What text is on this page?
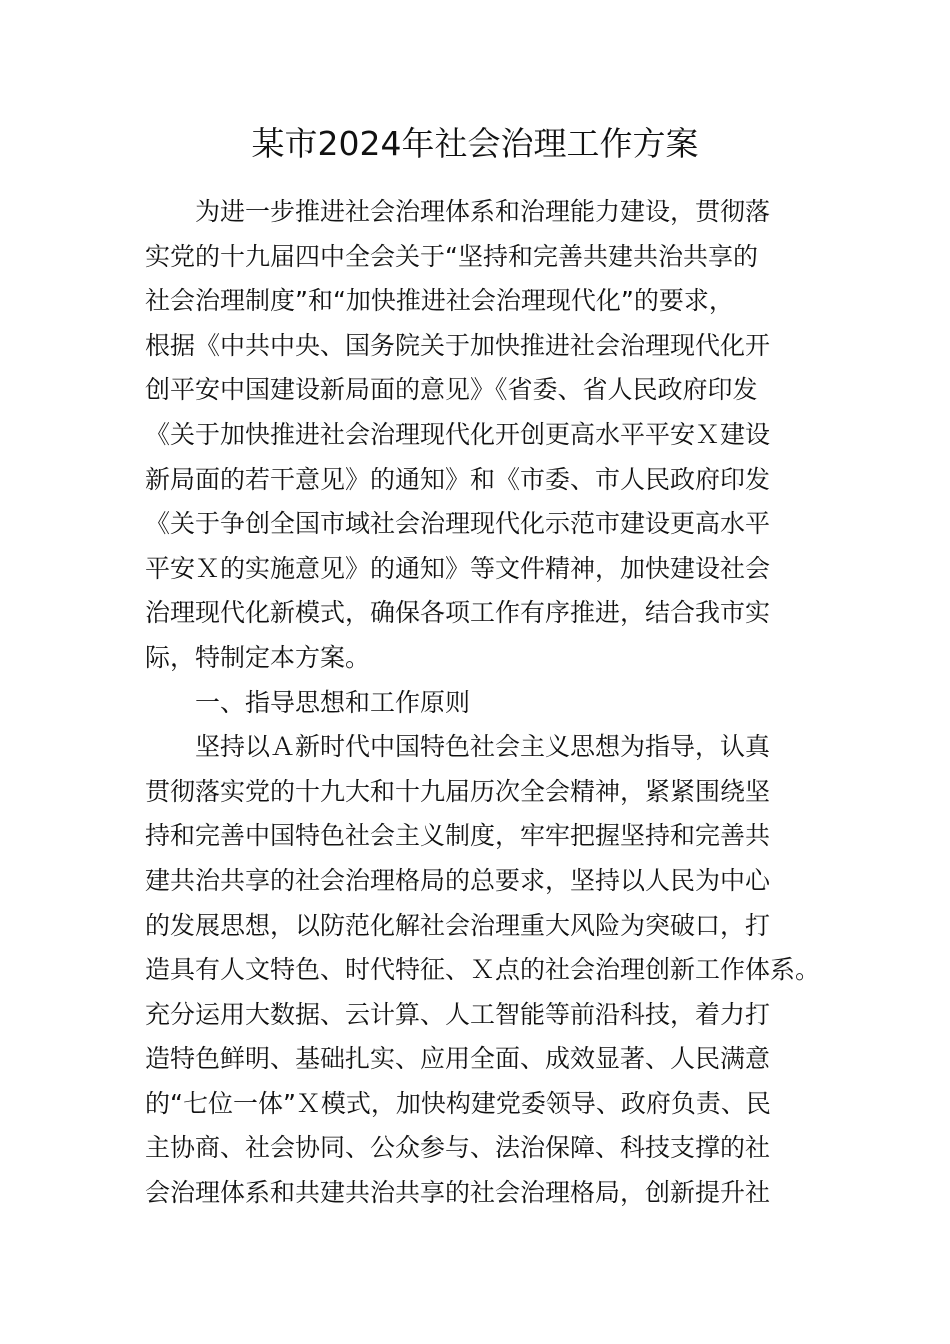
某市2024年社会治理工作方案
为进一步推进社会治理体系和治理能力建设，贯彻落
实党的十九届四中全会关于“坚持和完善共建共治共享的
社会治理制度”和“加快推进社会治理现代化”的要求，
根据《中共中央、国务院关于加快推进社会治理现代化开
创平安中国建设新局面的意见》《省委、省人民政府印发
《关于加快推进社会治理现代化开创更高水平平安Ｘ建设
新局面的若干意见》的通知》和《市委、市人民政府印发
《关于争创全国市域社会治理现代化示范市建设更高水平
平安Ｘ的实施意见》的通知》等文件精神，加快建设社会
治理现代化新模式，确保各项工作有序推进，结合我市实
际，特制定本方案。
一、指导思想和工作原则
坚持以Ａ新时代中国特色社会主义思想为指导，认真
贯彻落实党的十九大和十九届历次全会精神，紧紧围绕坚
持和完善中国特色社会主义制度，牢牢把握坚持和完善共
建共治共享的社会治理格局的总要求，坚持以人民为中心
的发展思想，以防范化解社会治理重大风险为突破口，打
造具有人文特色、时代特征、Ｘ点的社会治理创新工作体系。
充分运用大数据、云计算、人工智能等前沿科技，着力打
造特色鲜明、基础扎实、应用全面、成效显著、人民满意
的“七位一体”Ｘ模式，加快构建党委领导、政府负责、民
主协商、社会协同、公众参与、法治保障、科技支撑的社
会治理体系和共建共治共享的社会治理格局，创新提升社
